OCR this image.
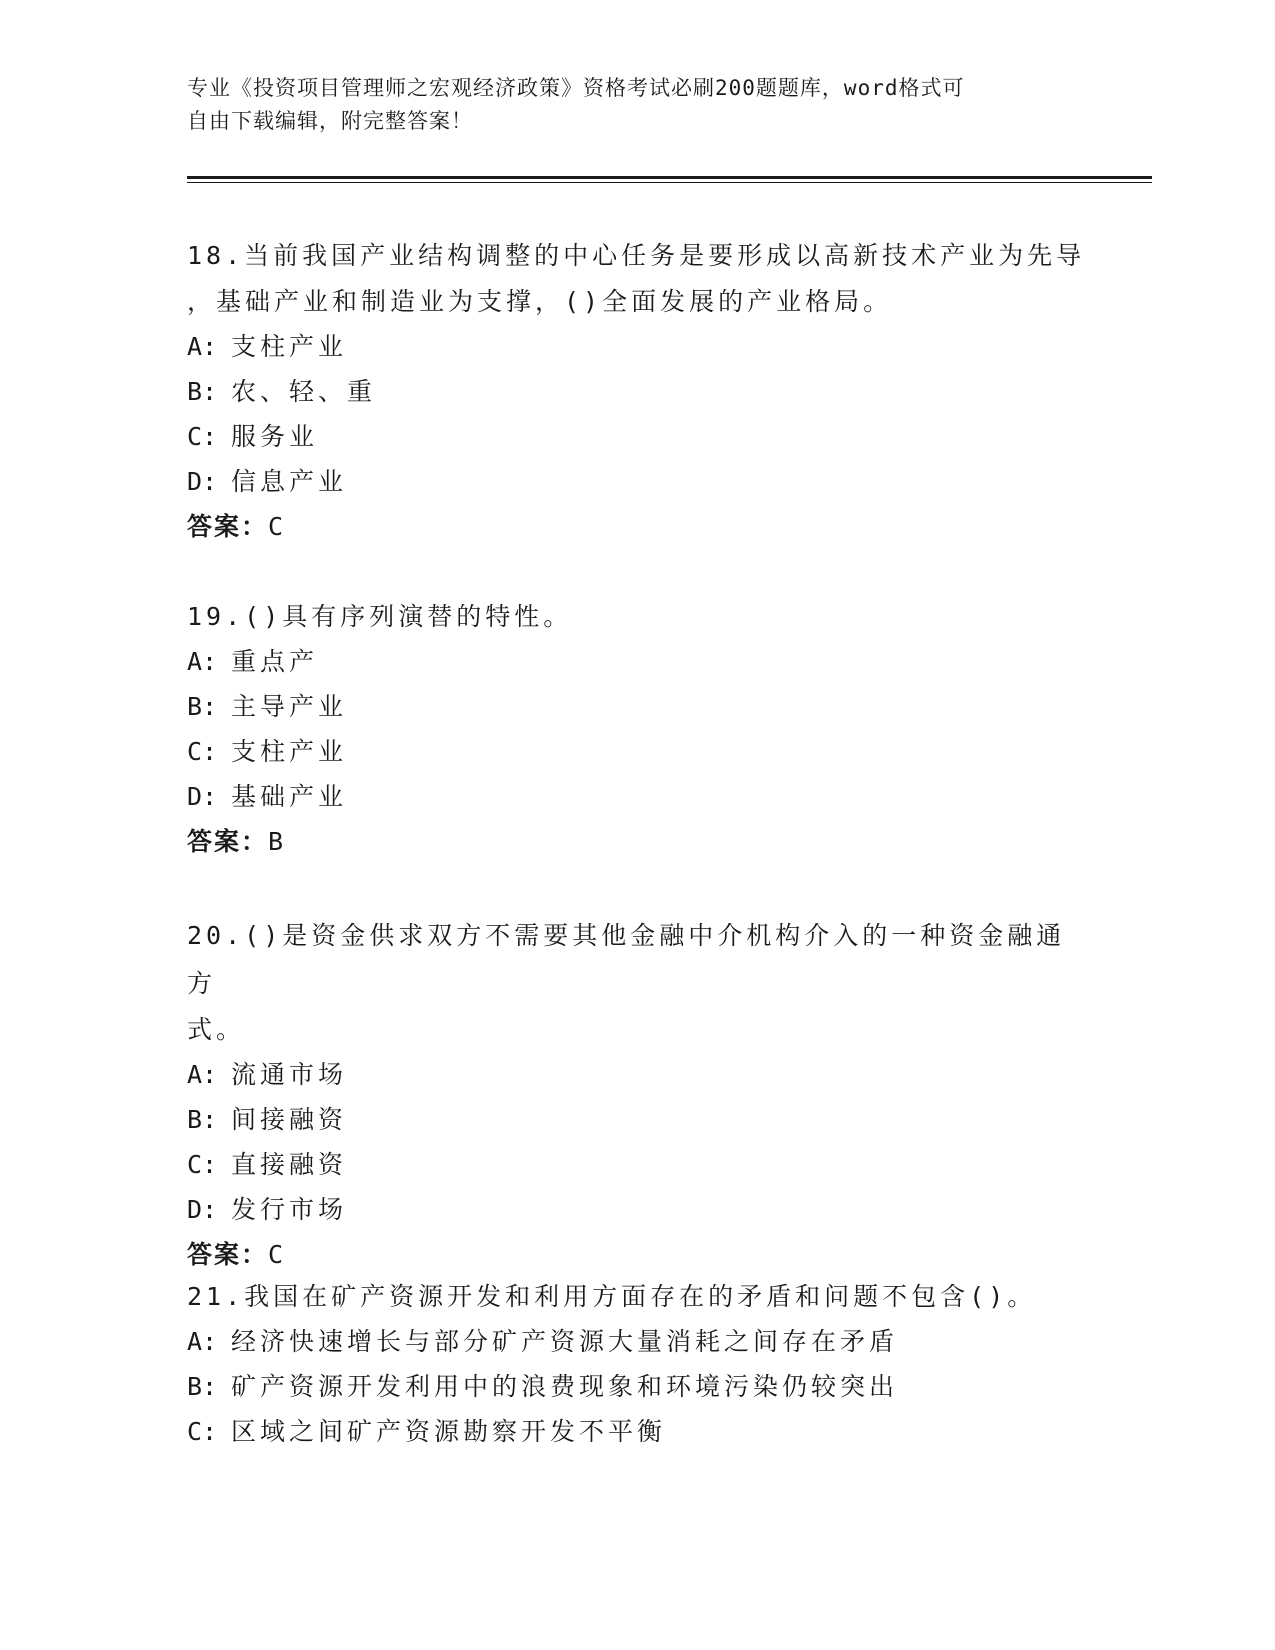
专业《投资项目管理师之宏观经济政策》资格考试必刷200题题库，word格式可
自由下载编辑，附完整答案！
18.当前我国产业结构调整的中心任务是要形成以高新技术产业为先导
，基础产业和制造业为支撑，()全面发展的产业格局。
A: 支柱产业
B: 农、轻、重
C: 服务业
D: 信息产业
答案：C
19.()具有序列演替的特性。
A: 重点产
B: 主导产业
C: 支柱产业
D: 基础产业
答案：B
20.()是资金供求双方不需要其他金融中介机构介入的一种资金融通方
式。
A: 流通市场
B: 间接融资
C: 直接融资
D: 发行市场
答案：C
21.我国在矿产资源开发和利用方面存在的矛盾和问题不包含()。
A: 经济快速增长与部分矿产资源大量消耗之间存在矛盾
B: 矿产资源开发利用中的浪费现象和环境污染仍较突出
C: 区域之间矿产资源勘察开发不平衡
